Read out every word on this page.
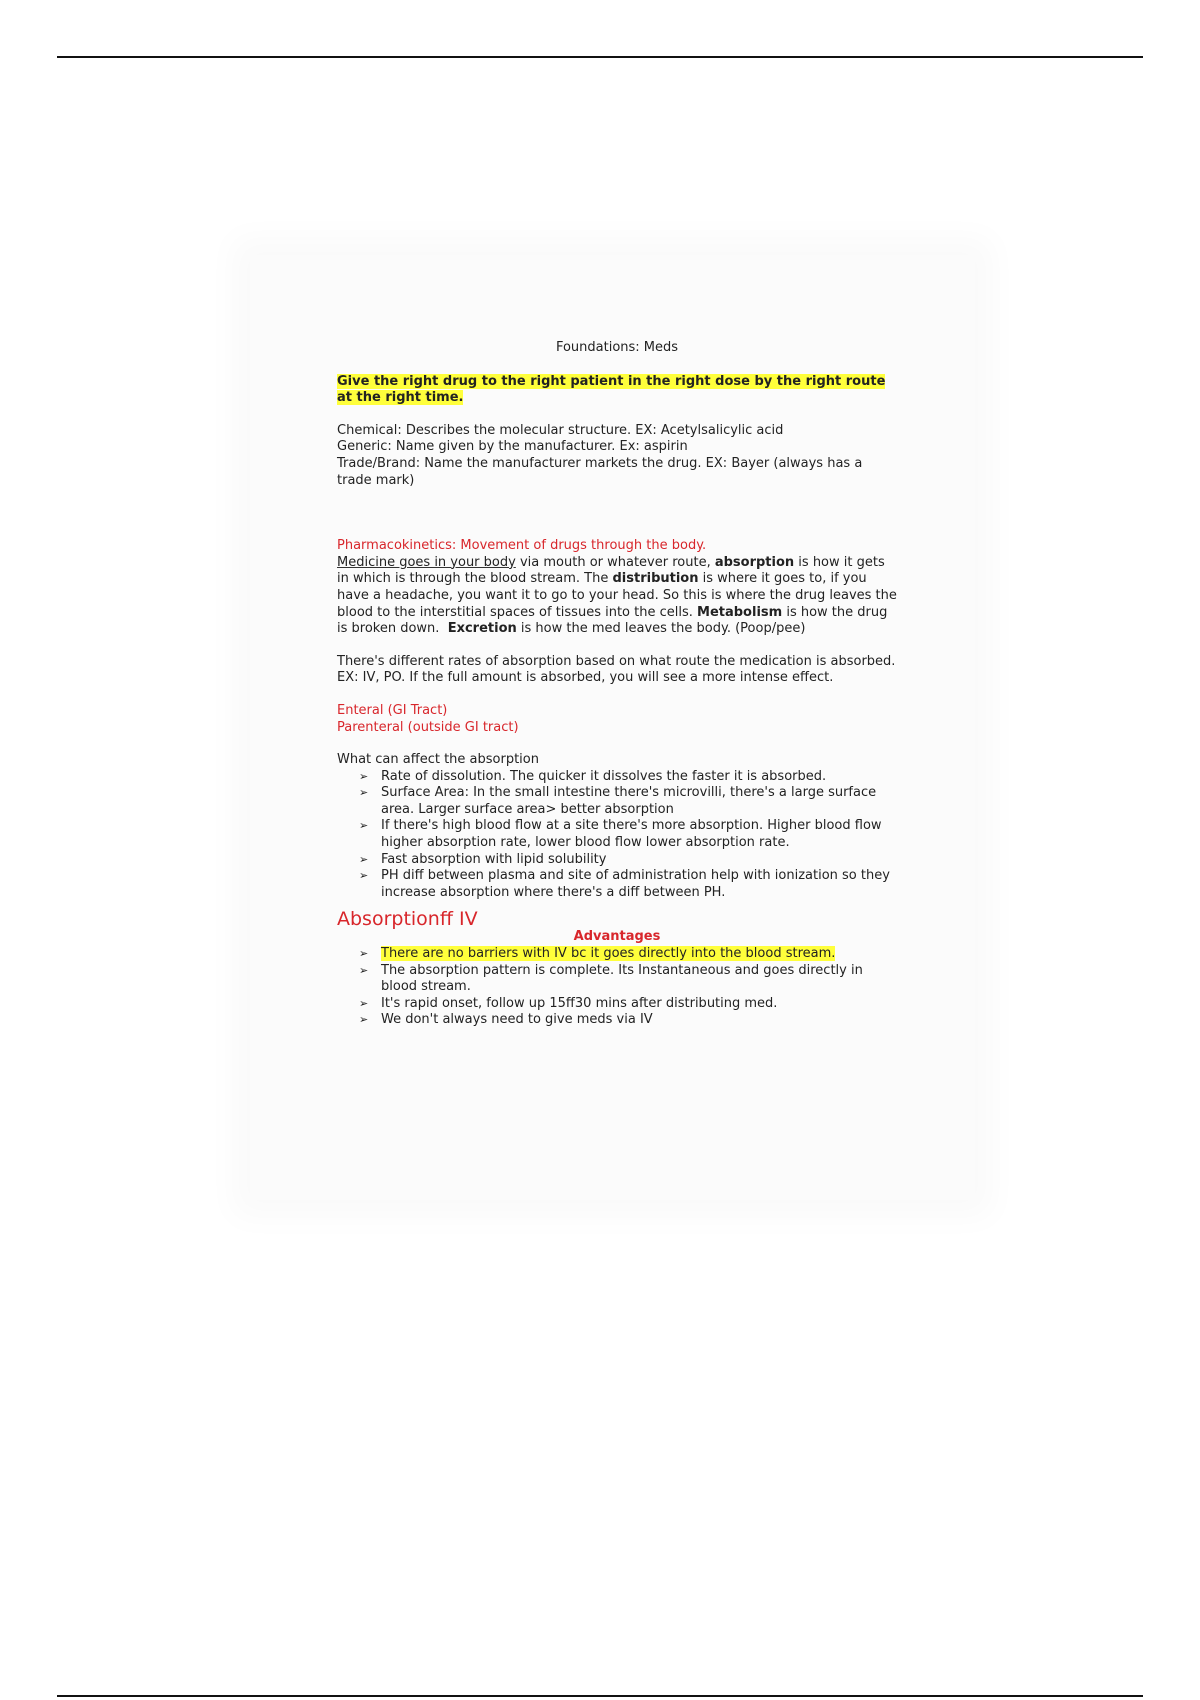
Foundations: Meds

Give the right drug to the right patient in the right dose by the right route at the right time.

Chemical: Describes the molecular structure. EX: Acetylsalicylic acid

Generic: Name given by the manufacturer. Ex: aspirin

Trade/Brand: Name the manufacturer markets the drug. EX: Bayer (always has a trade mark)

Pharmacokinetics: Movement of drugs through the body.

Medicine goes in your body via mouth or whatever route, absorption is how it gets in which is through the blood stream. The distribution is where it goes to, if you have a headache, you want it to go to your head. So this is where the drug leaves the blood to the interstitial spaces of tissues into the cells. Metabolism is how the drug is broken down.  Excretion is how the med leaves the body. (Poop/pee)

There's different rates of absorption based on what route the medication is absorbed. EX: IV, PO. If the full amount is absorbed, you will see a more intense effect.

Enteral (GI Tract)

Parenteral (outside GI tract)

What can affect the absorption

➢ Rate of dissolution. The quicker it dissolves the faster it is absorbed.
➢ Surface Area: In the small intestine there's microvilli, there's a large surface area. Larger surface area> better absorption
➢ If there's high blood flow at a site there's more absorption. Higher blood flow higher absorption rate, lower blood flow lower absorption rate.
➢ Fast absorption with lipid solubility
➢ PH diff between plasma and site of administration help with ionization so they increase absorption where there's a diff between PH.

Absorptionff IV

Advantages

➢ There are no barriers with IV bc it goes directly into the blood stream.
➢ The absorption pattern is complete. Its Instantaneous and goes directly in blood stream.
➢ It's rapid onset, follow up 15ff30 mins after distributing med.
➢ We don't always need to give meds via IV
